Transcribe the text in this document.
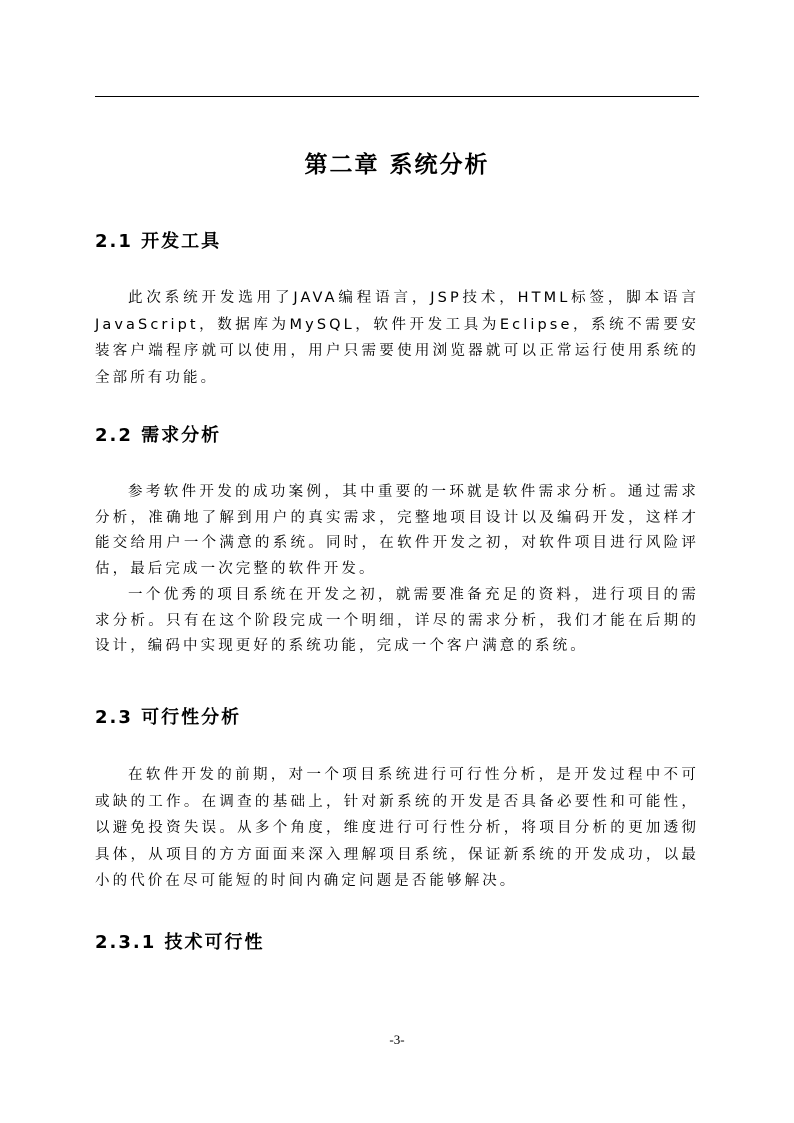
第二章 系统分析
2.1 开发工具

此次系统开发选用了JAVA编程语言，JSP技术，HTML标签，脚本语言JavaScript，数据库为MySQL，软件开发工具为Eclipse，系统不需要安装客户端程序就可以使用，用户只需要使用浏览器就可以正常运行使用系统的全部所有功能。

2.2 需求分析

参考软件开发的成功案例，其中重要的一环就是软件需求分析。通过需求分析，准确地了解到用户的真实需求，完整地项目设计以及编码开发，这样才能交给用户一个满意的系统。同时，在软件开发之初，对软件项目进行风险评估，最后完成一次完整的软件开发。

一个优秀的项目系统在开发之初，就需要准备充足的资料，进行项目的需求分析。只有在这个阶段完成一个明细，详尽的需求分析，我们才能在后期的设计，编码中实现更好的系统功能，完成一个客户满意的系统。

2.3 可行性分析

在软件开发的前期，对一个项目系统进行可行性分析，是开发过程中不可或缺的工作。在调查的基础上，针对新系统的开发是否具备必要性和可能性，以避免投资失误。从多个角度，维度进行可行性分析，将项目分析的更加透彻具体，从项目的方方面面来深入理解项目系统，保证新系统的开发成功，以最小的代价在尽可能短的时间内确定问题是否能够解决。

2.3.1 技术可行性
-3-
